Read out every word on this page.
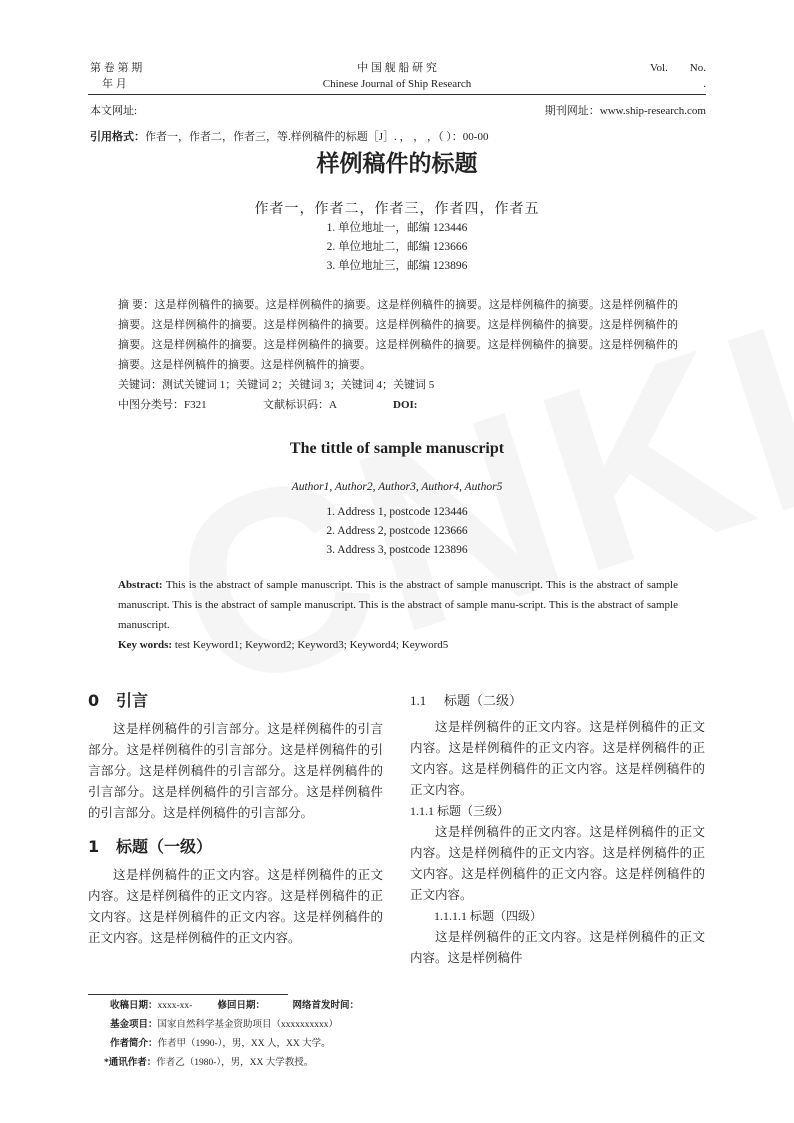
第 卷 第 期
年 月
中 国 舰 船 研 究
Chinese Journal of Ship Research
Vol. No.
.
本文网址:	期刊网址：www.ship-research.com
引用格式：作者一，作者二，作者三，等.样例稿件的标题［J］. ， ， ，（ ）：00-00
样例稿件的标题
作者一，作者二，作者三，作者四，作者五
1. 单位地址一，邮编 123446
2. 单位地址二，邮编 123666
3. 单位地址三，邮编 123896
摘 要：这是样例稿件的摘要。这是样例稿件的摘要。这是样例稿件的摘要。这是样例稿件的摘要。这是样例稿件的摘要。这是样例稿件的摘要。这是样例稿件的摘要。这是样例稿件的摘要。这是样例稿件的摘要。这是样例稿件的摘要。这是样例稿件的摘要。这是样例稿件的摘要。这是样例稿件的摘要。这是样例稿件的摘要。这是样例稿件的摘要。这是样例稿件的摘要。这是样例稿件的摘要。
关键词：测试关键词 1；关键词 2；关键词 3；关键词 4；关键词 5
中图分类号：F321	文献标识码：A	DOI:
The tittle of sample manuscript
Author1, Author2, Author3, Author4, Author5
1. Address 1, postcode 123446
2. Address 2, postcode 123666
3. Address 3, postcode 123896
Abstract: This is the abstract of sample manuscript. This is the abstract of sample manuscript. This is the abstract of sample manuscript. This is the abstract of sample manuscript. This is the abstract of sample manu-script. This is the abstract of sample manuscript.
Key words: test Keyword1; Keyword2; Keyword3; Keyword4; Keyword5
0 引言

这是样例稿件的引言部分。这是样例稿件的引言部分。这是样例稿件的引言部分。这是样例稿件的引言部分。这是样例稿件的引言部分。这是样例稿件的引言部分。这是样例稿件的引言部分。这是样例稿件的引言部分。这是样例稿件的引言部分。

1 标题（一级）

这是样例稿件的正文内容。这是样例稿件的正文内容。这是样例稿件的正文内容。这是样例稿件的正文内容。这是样例稿件的正文内容。这是样例稿件的正文内容。这是样例稿件的正文内容。

1.1 标题（二级）

这是样例稿件的正文内容。这是样例稿件的正文内容。这是样例稿件的正文内容。这是样例稿件的正文内容。这是样例稿件的正文内容。这是样例稿件的正文内容。

1.1.1 标题（三级）

这是样例稿件的正文内容。这是样例稿件的正文内容。这是样例稿件的正文内容。这是样例稿件的正文内容。这是样例稿件的正文内容。这是样例稿件的正文内容。

1.1.1.1 标题（四级）

这是样例稿件的正文内容。这是样例稿件的正文内容。这是样例稿件

收稿日期：xxxx-xx-	修回日期：	网络首发时间：
基金项目：国家自然科学基金资助项目（xxxxxxxxxx）
作者简介：作者甲（1990-），男，XX 人，XX 大学。
*通讯作者：作者乙（1980-），男，XX 大学教授。
